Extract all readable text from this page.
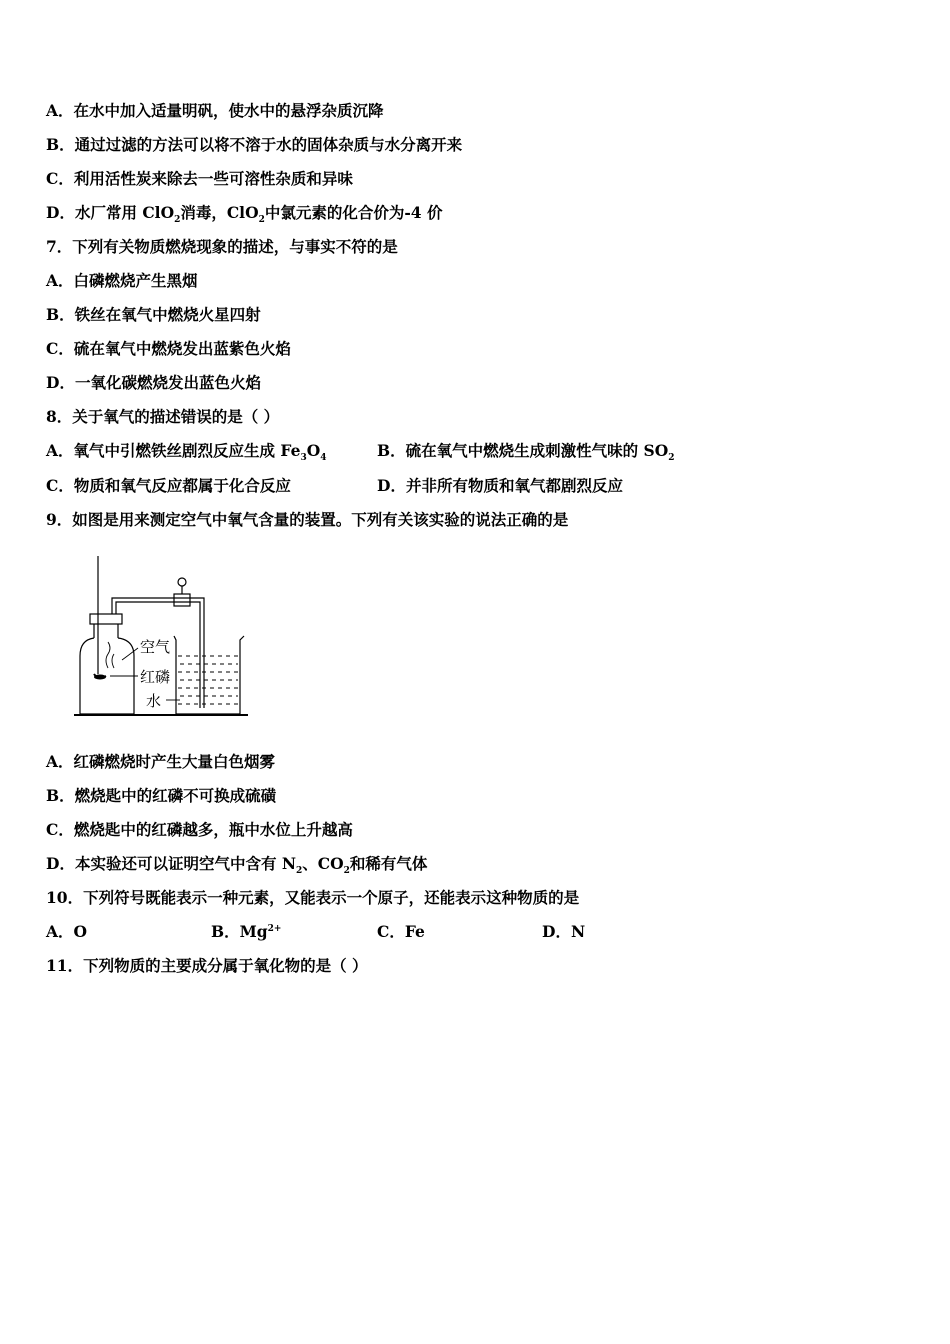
A．在水中加入适量明矾，使水中的悬浮杂质沉降
B．通过过滤的方法可以将不溶于水的固体杂质与水分离开来
C．利用活性炭来除去一些可溶性杂质和异味
D．水厂常用 ClO$_2$消毒，ClO$_2$中氯元素的化合价为-4 价
7．下列有关物质燃烧现象的描述，与事实不符的是
A．白磷燃烧产生黑烟
B．铁丝在氧气中燃烧火星四射
C．硫在氧气中燃烧发出蓝紫色火焰
D．一氧化碳燃烧发出蓝色火焰
8．关于氧气的描述错误的是（ ）
A．氧气中引燃铁丝剧烈反应生成 $Fe_3O_4$	B．硫在氧气中燃烧生成刺激性气味的 $SO_2$
C．物质和氧气反应都属于化合反应	D．并非所有物质和氧气都剧烈反应
9．如图是用来测定空气中氧气含量的装置。下列有关该实验的说法正确的是
空气
红磷
水
A．红磷燃烧时产生大量白色烟雾
B．燃烧匙中的红磷不可换成硫磺
C．燃烧匙中的红磷越多，瓶中水位上升越高
D．本实验还可以证明空气中含有 $N_2$、$CO_2$和稀有气体
10．下列符号既能表示一种元素，又能表示一个原子，还能表示这种物质的是
A．O	B．$Mg^{2+}$	C．Fe	D．N
11．下列物质的主要成分属于氧化物的是（ ）
